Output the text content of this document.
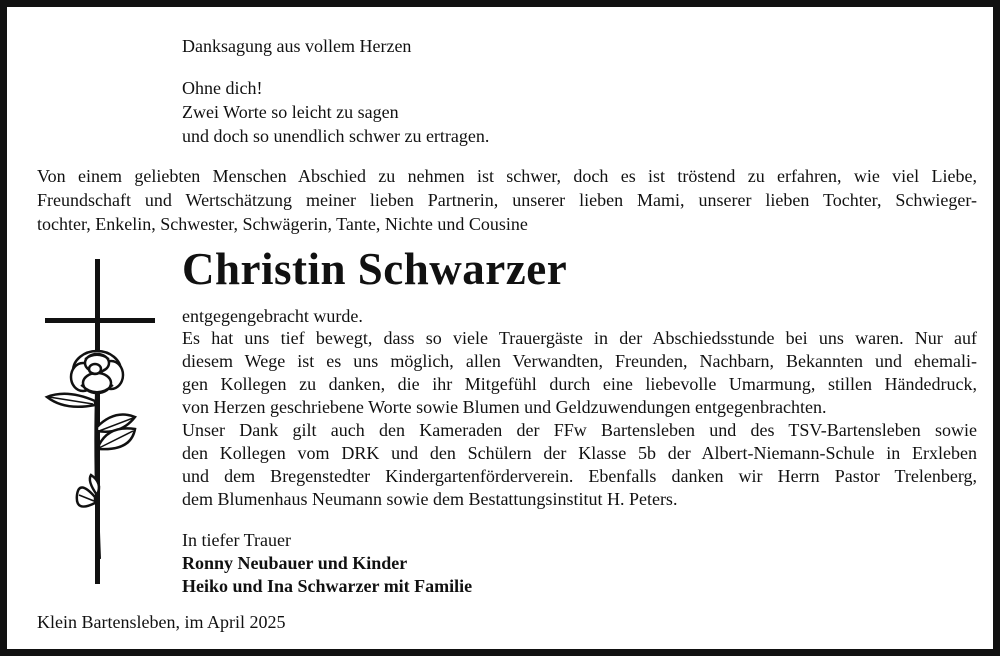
Danksagung aus vollem Herzen
Ohne dich!
Zwei Worte so leicht zu sagen
und doch so unendlich schwer zu ertragen.
Von einem geliebten Menschen Abschied zu nehmen ist schwer, doch es ist tröstend zu erfahren, wie viel Liebe,
Freundschaft und Wertschätzung meiner lieben Partnerin, unserer lieben Mami, unserer lieben Tochter, Schwieger-
tochter, Enkelin, Schwester, Schwägerin, Tante, Nichte und Cousine
Christin Schwarzer
entgegengebracht wurde.
Es hat uns tief bewegt, dass so viele Trauergäste in der Abschiedsstunde bei uns waren. Nur auf
diesem Wege ist es uns möglich, allen Verwandten, Freunden, Nachbarn, Bekannten und ehemali-
gen Kollegen zu danken, die ihr Mitgefühl durch eine liebevolle Umarmung, stillen Händedruck,
von Herzen geschriebene Worte sowie Blumen und Geldzuwendungen entgegenbrachten.
Unser Dank gilt auch den Kameraden der FFw Bartensleben und des TSV-Bartensleben sowie
den Kollegen vom DRK und den Schülern der Klasse 5b der Albert-Niemann-Schule in Erxleben
und dem Bregenstedter Kindergartenförderverein. Ebenfalls danken wir Herrn Pastor Trelenberg,
dem Blumenhaus Neumann sowie dem Bestattungsinstitut H. Peters.
In tiefer Trauer
Ronny Neubauer und Kinder
Heiko und Ina Schwarzer mit Familie
Klein Bartensleben, im April 2025
